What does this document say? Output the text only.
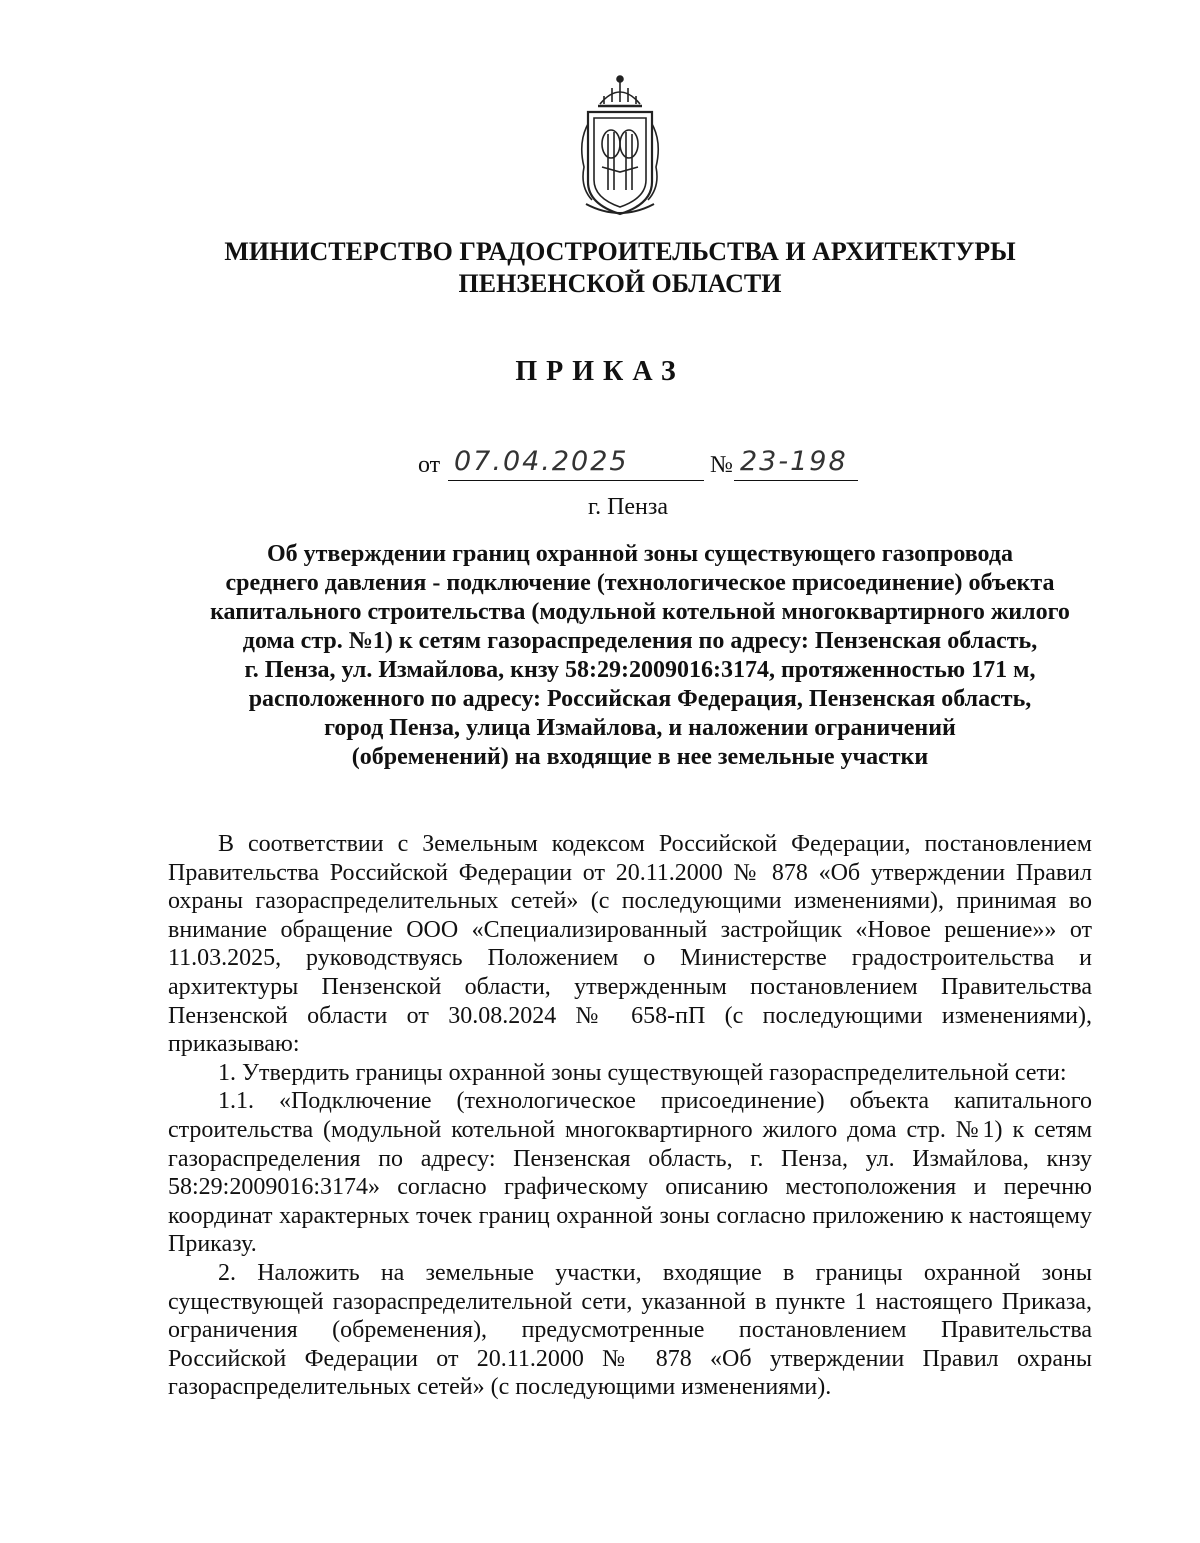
МИНИСТЕРСТВО ГРАДОСТРОИТЕЛЬСТВА И АРХИТЕКТУРЫ
ПЕНЗЕНСКОЙ ОБЛАСТИ
ПРИКАЗ
от 07.04.2025	№ 23-198
г. Пенза
Об утверждении границ охранной зоны существующего газопровода
среднего давления - подключение (технологическое присоединение) объекта
капитального строительства (модульной котельной многоквартирного жилого
дома стр. №1) к сетям газораспределения по адресу: Пензенская область,
г. Пенза, ул. Измайлова, кнзу 58:29:2009016:3174, протяженностью 171 м,
расположенного по адресу: Российская Федерация, Пензенская область,
город Пенза, улица Измайлова, и наложении ограничений
(обременений) на входящие в нее земельные участки

В соответствии с Земельным кодексом Российской Федерации, постановлением Правительства Российской Федерации от 20.11.2000 № 878 «Об утверждении Правил охраны газораспределительных сетей» (с последующими изменениями), принимая во внимание обращение ООО «Специализированный застройщик «Новое решение»» от 11.03.2025, руководствуясь Положением о Министерстве градостроительства и архитектуры Пензенской области, утвержденным постановлением Правительства Пензенской области от 30.08.2024 № 658-пП (с последующими изменениями), приказываю:

1. Утвердить границы охранной зоны существующей газораспределительной сети:

1.1. «Подключение (технологическое присоединение) объекта капитального строительства (модульной котельной многоквартирного жилого дома стр. №1) к сетям газораспределения по адресу: Пензенская область, г. Пенза, ул. Измайлова, кнзу 58:29:2009016:3174» согласно графическому описанию местоположения и перечню координат характерных точек границ охранной зоны согласно приложению к настоящему Приказу.

2. Наложить на земельные участки, входящие в границы охранной зоны существующей газораспределительной сети, указанной в пункте 1 настоящего Приказа, ограничения (обременения), предусмотренные постановлением Правительства Российской Федерации от 20.11.2000 № 878 «Об утверждении Правил охраны газораспределительных сетей» (с последующими изменениями).
